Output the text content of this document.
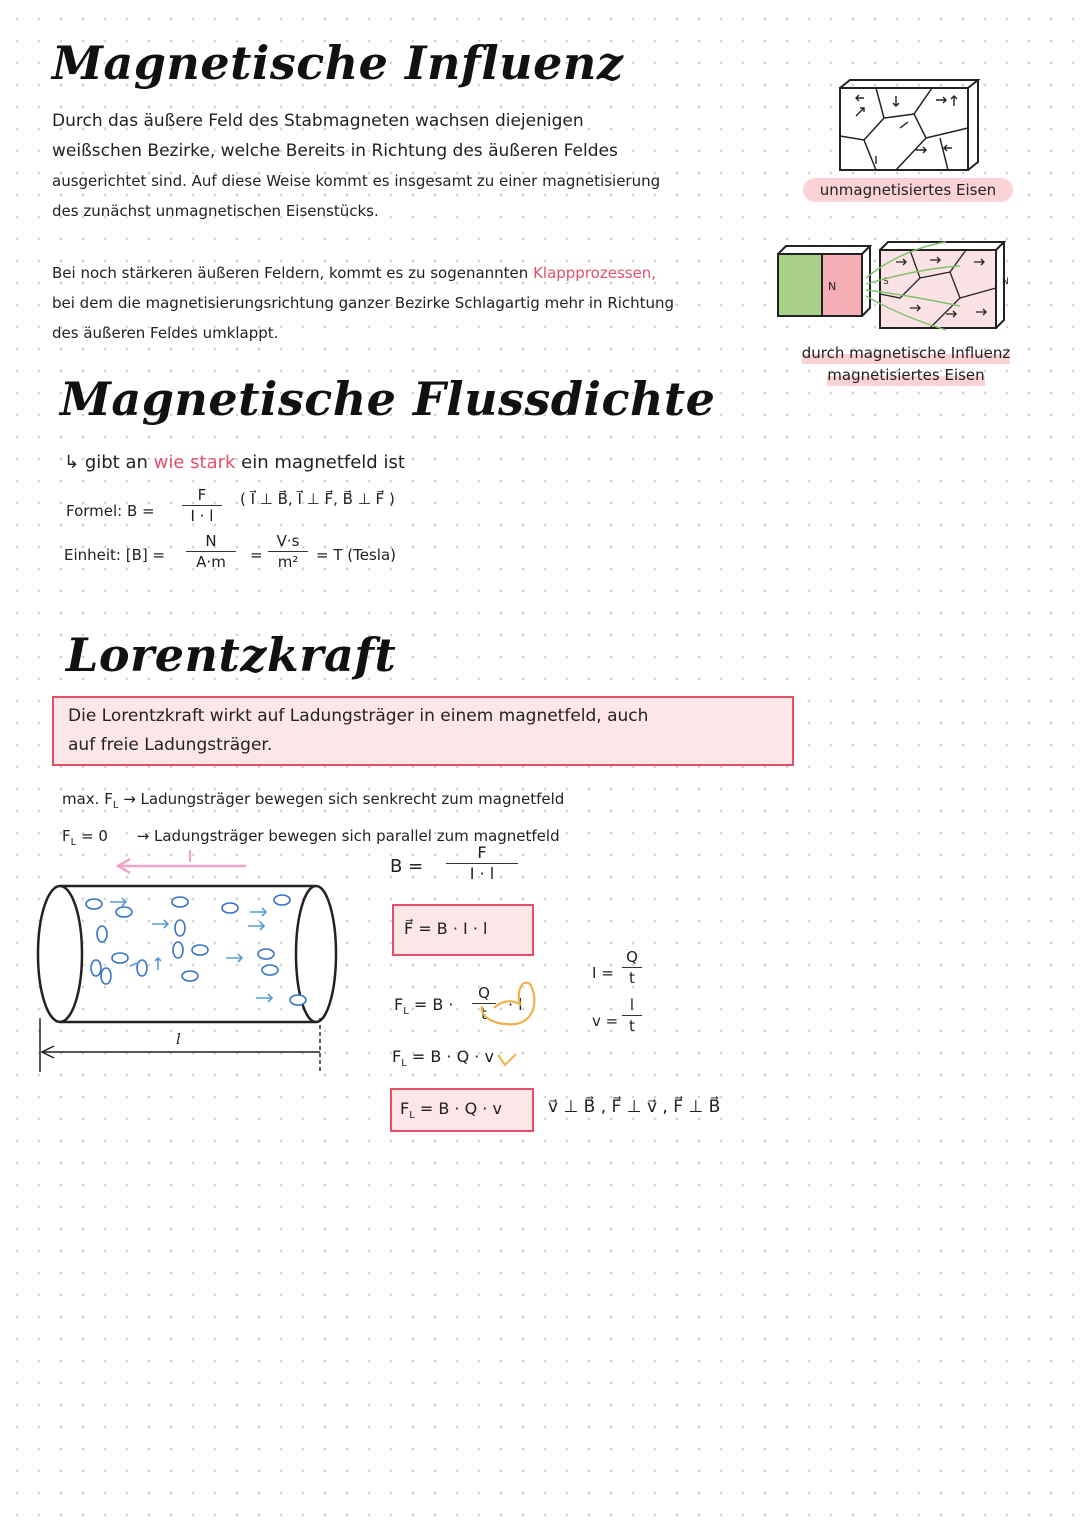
Magnetische Influenz
Durch das äußere Feld des Stabmagneten wachsen diejenigen
weißschen Bezirke, welche Bereits in Richtung des äußeren Feldes
ausgerichtet sind. Auf diese Weise kommt es insgesamt zu einer magnetisierung
des zunächst unmagnetischen Eisenstücks.
Bei noch stärkeren äußeren Feldern, kommt es zu sogenannten Klappprozessen,
bei dem die magnetisierungsrichtung ganzer Bezirke Schlagartig mehr in Richtung
des äußeren Feldes umklappt.
unmagnetisiertes Eisen
N	S	N
durch magnetische Influenz
magnetisiertes Eisen
Magnetische Flussdichte
↳ gibt an wie stark ein magnetfeld ist
Formel: B =
F
I · l
( I⃗ ⊥ B⃗, I⃗ ⊥ F⃗, B⃗ ⊥ F⃗ )
Einheit: [B] =
N
A·m	=
V·s
m²	= T (Tesla)
Lorentzkraft
Die Lorentzkraft wirkt auf Ladungsträger in einem magnetfeld, auch
auf freie Ladungsträger.
max. $F_L$ → Ladungsträger bewegen sich senkrecht zum magnetfeld
$F_L = 0$ → Ladungsträger bewegen sich parallel zum magnetfeld
l
B =
F
I · l
F⃗ = B · I · l
$F_L = B$ ·
Q
t	· l
$F_L = B \cdot Q \cdot v$
$F_L = B \cdot Q \cdot v$	v⃗ ⊥ B⃗ , F⃗ ⊥ v⃗ , F⃗ ⊥ B⃗
I =
Q
t
v =
l
t
